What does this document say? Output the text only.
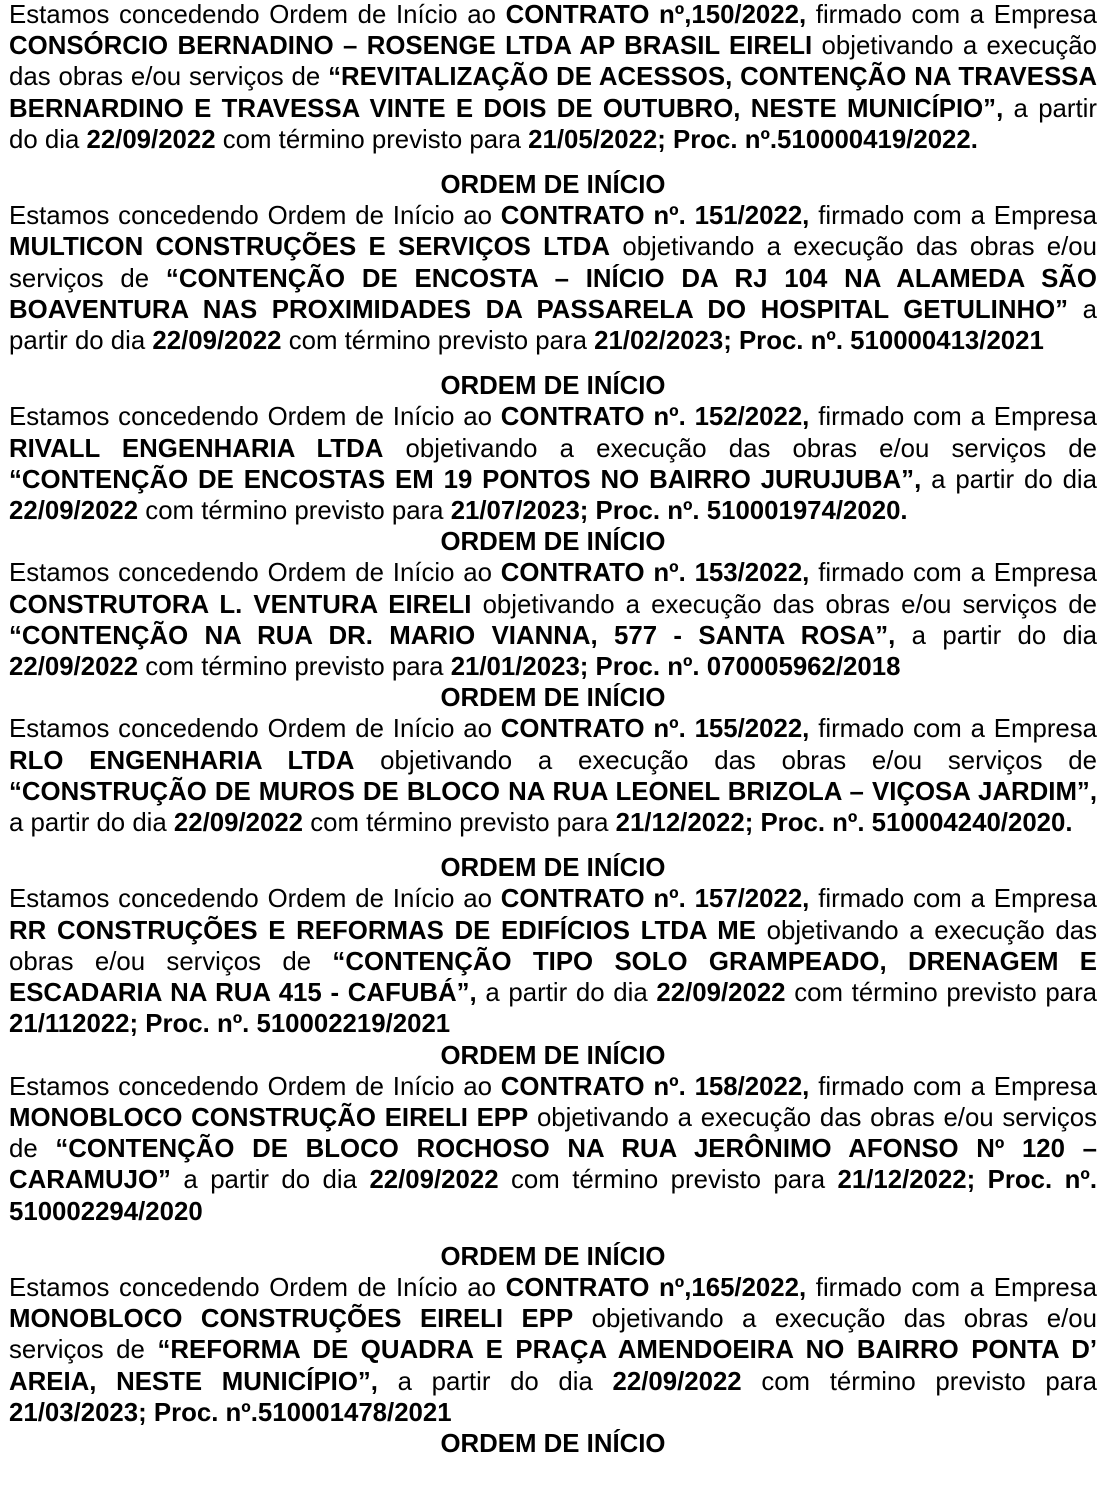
Estamos concedendo Ordem de Início ao CONTRATO nº,150/2022, firmado com a Empresa CONSÓRCIO BERNADINO – ROSENGE LTDA AP BRASIL EIRELI objetivando a execução das obras e/ou serviços de “REVITALIZAÇÃO DE ACESSOS, CONTENÇÃO NA TRAVESSA BERNARDINO E TRAVESSA VINTE E DOIS DE OUTUBRO, NESTE MUNICÍPIO”, a partir do dia 22/09/2022 com término previsto para 21/05/2022; Proc. nº.510000419/2022.

ORDEM DE INÍCIO

Estamos concedendo Ordem de Início ao CONTRATO nº. 151/2022, firmado com a Empresa MULTICON CONSTRUÇÕES E SERVIÇOS LTDA objetivando a execução das obras e/ou serviços de “CONTENÇÃO DE ENCOSTA – INÍCIO DA RJ 104 NA ALAMEDA SÃO BOAVENTURA NAS PROXIMIDADES DA PASSARELA DO HOSPITAL GETULINHO” a partir do dia 22/09/2022 com término previsto para 21/02/2023; Proc. nº. 510000413/2021

ORDEM DE INÍCIO

Estamos concedendo Ordem de Início ao CONTRATO nº. 152/2022, firmado com a Empresa RIVALL ENGENHARIA LTDA objetivando a execução das obras e/ou serviços de “CONTENÇÃO DE ENCOSTAS EM 19 PONTOS NO BAIRRO JURUJUBA”, a partir do dia 22/09/2022 com término previsto para 21/07/2023; Proc. nº. 510001974/2020.

ORDEM DE INÍCIO

Estamos concedendo Ordem de Início ao CONTRATO nº. 153/2022, firmado com a Empresa CONSTRUTORA L. VENTURA EIRELI objetivando a execução das obras e/ou serviços de “CONTENÇÃO NA RUA DR. MARIO VIANNA, 577 - SANTA ROSA”, a partir do dia 22/09/2022 com término previsto para 21/01/2023; Proc. nº. 070005962/2018

ORDEM DE INÍCIO

Estamos concedendo Ordem de Início ao CONTRATO nº. 155/2022, firmado com a Empresa RLO ENGENHARIA LTDA objetivando a execução das obras e/ou serviços de “CONSTRUÇÃO DE MUROS DE BLOCO NA RUA LEONEL BRIZOLA – VIÇOSA JARDIM”, a partir do dia 22/09/2022 com término previsto para 21/12/2022; Proc. nº. 510004240/2020.

ORDEM DE INÍCIO

Estamos concedendo Ordem de Início ao CONTRATO nº. 157/2022, firmado com a Empresa RR CONSTRUÇÕES E REFORMAS DE EDIFÍCIOS LTDA ME objetivando a execução das obras e/ou serviços de “CONTENÇÃO TIPO SOLO GRAMPEADO, DRENAGEM E ESCADARIA NA RUA 415 - CAFUBÁ”, a partir do dia 22/09/2022 com término previsto para 21/112022; Proc. nº. 510002219/2021

ORDEM DE INÍCIO

Estamos concedendo Ordem de Início ao CONTRATO nº. 158/2022, firmado com a Empresa MONOBLOCO CONSTRUÇÃO EIRELI EPP objetivando a execução das obras e/ou serviços de “CONTENÇÃO DE BLOCO ROCHOSO NA RUA JERÔNIMO AFONSO Nº 120 – CARAMUJO” a partir do dia 22/09/2022 com término previsto para 21/12/2022; Proc. nº. 510002294/2020

ORDEM DE INÍCIO

Estamos concedendo Ordem de Início ao CONTRATO nº,165/2022, firmado com a Empresa MONOBLOCO CONSTRUÇÕES EIRELI EPP objetivando a execução das obras e/ou serviços de “REFORMA DE QUADRA E PRAÇA AMENDOEIRA NO BAIRRO PONTA D’ AREIA, NESTE MUNICÍPIO”, a partir do dia 22/09/2022 com término previsto para 21/03/2023; Proc. nº.510001478/2021

ORDEM DE INÍCIO
